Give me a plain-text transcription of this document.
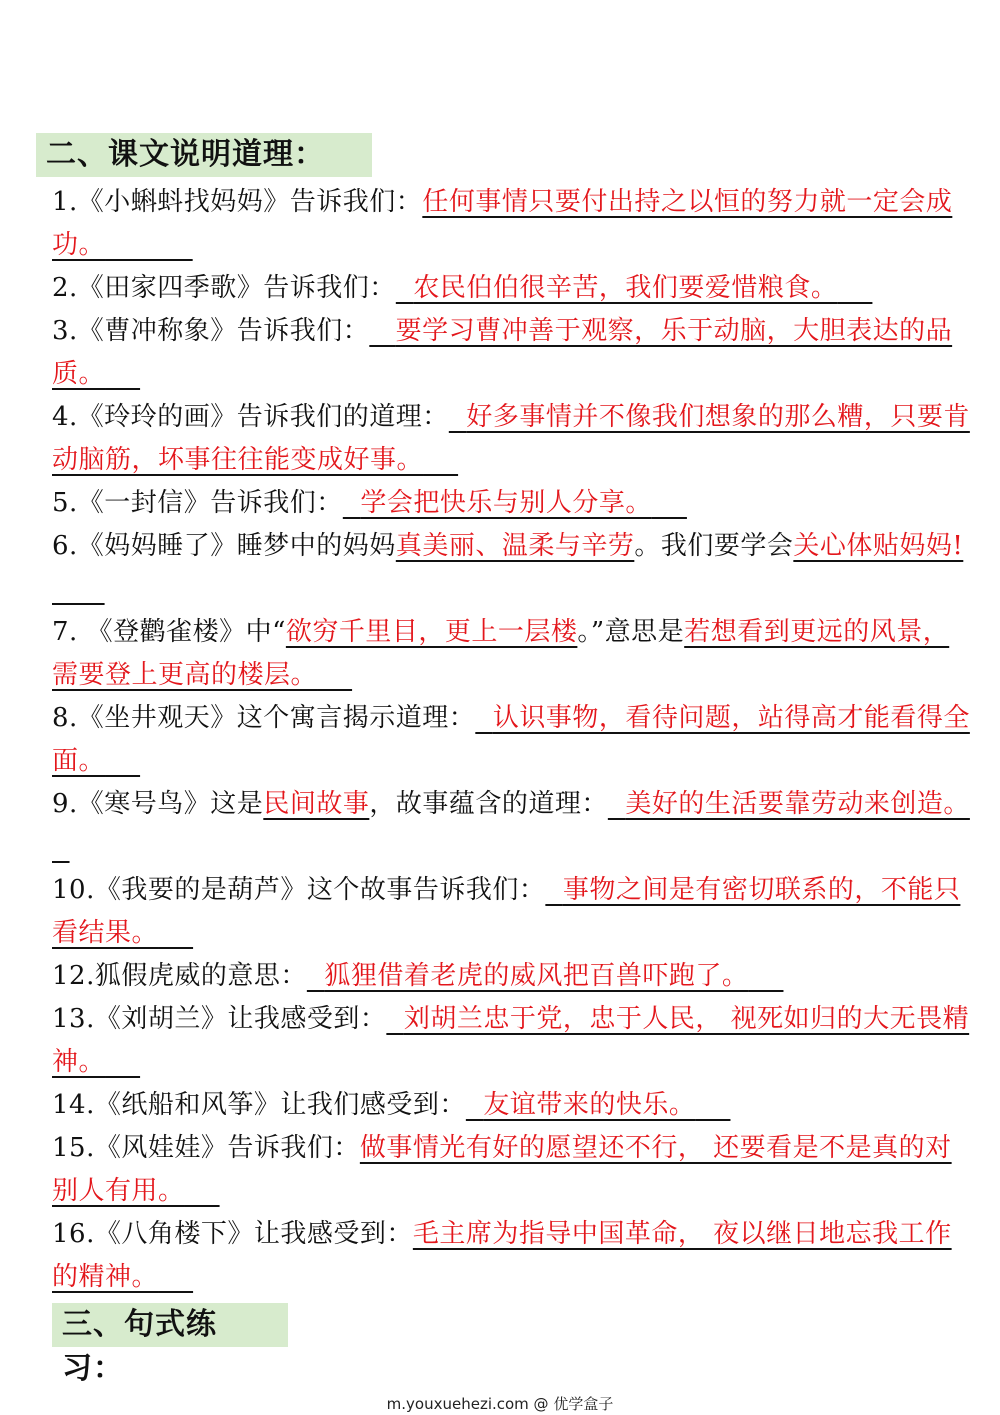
二、课文说明道理：
1.《小蝌蚪找妈妈》告诉我们：任何事情只要付出持之以恒的努力就一定会成功。
2.《田家四季歌》告诉我们： 农民伯伯很辛苦，我们要爱惜粮食。
3.《曹冲称象》告诉我们： 要学习曹冲善于观察，乐于动脑，大胆表达的品质。
4.《玲玲的画》告诉我们的道理： 好多事情并不像我们想象的那么糟，只要肯动脑筋，坏事往往能变成好事。
5.《一封信》告诉我们： 学会把快乐与别人分享。
6.《妈妈睡了》睡梦中的妈妈真美丽、温柔与辛劳。我们要学会关心体贴妈妈!
7. 《登鹳雀楼》中“欲穷千里目，更上一层楼。”意思是若想看到更远的风景，需要登上更高的楼层。
8.《坐井观天》这个寓言揭示道理： 认识事物，看待问题，站得高才能看得全面。
9.《寒号鸟》这是民间故事，故事蕴含的道理： 美好的生活要靠劳动来创造。
10.《我要的是葫芦》这个故事告诉我们： 事物之间是有密切联系的，不能只看结果。
12.狐假虎威的意思： 狐狸借着老虎的威风把百兽吓跑了。
13.《刘胡兰》让我感受到： 刘胡兰忠于党，忠于人民， 视死如归的大无畏精神。
14.《纸船和风筝》让我们感受到： 友谊带来的快乐。
15.《风娃娃》告诉我们：做事情光有好的愿望还不行， 还要看是不是真的对别人有用。
16.《八角楼下》让我感受到：毛主席为指导中国革命， 夜以继日地忘我工作的精神。
三、句式练习：
m.youxuehezi.com @ 优学盒子
